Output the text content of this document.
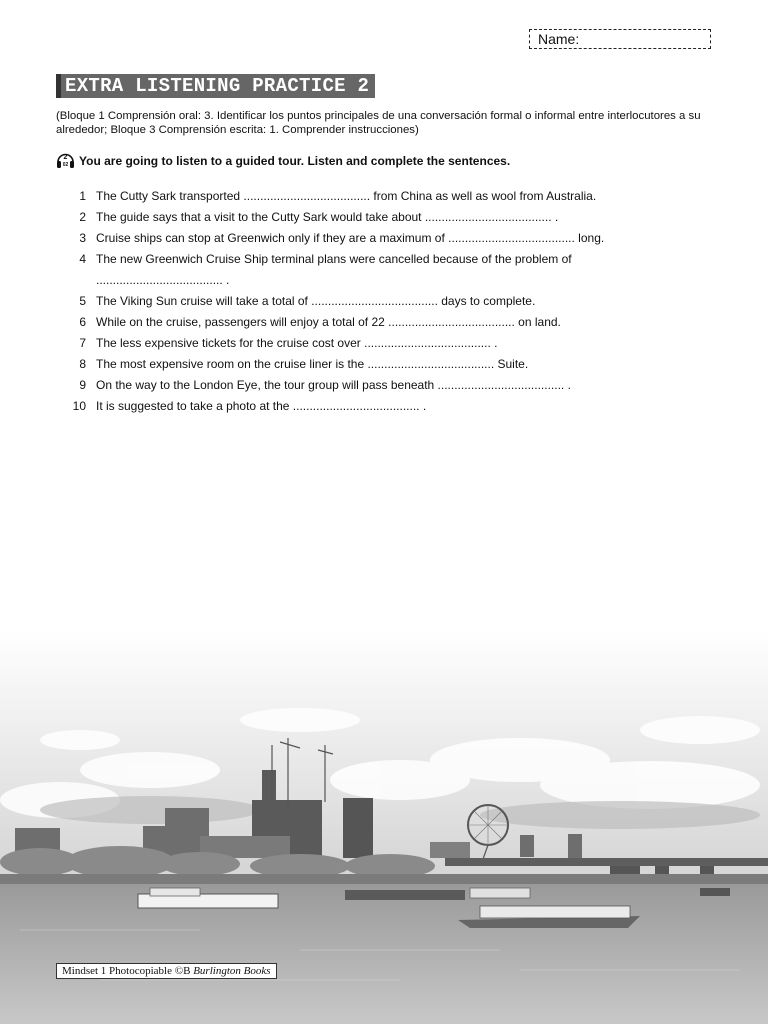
Name:
EXTRA LISTENING PRACTICE 2
(Bloque 1 Comprensión oral: 3. Identificar los puntos principales de una conversación formal o informal entre interlocutores a su alrededor; Bloque 3 Comprensión escrita: 1. Comprender instrucciones)
2
02 You are going to listen to a guided tour. Listen and complete the sentences.
1 The Cutty Sark transported ...................................... from China as well as wool from Australia.
2 The guide says that a visit to the Cutty Sark would take about ...................................... .
3 Cruise ships can stop at Greenwich only if they are a maximum of ...................................... long.
4 The new Greenwich Cruise Ship terminal plans were cancelled because of the problem of
...................................... .
5 The Viking Sun cruise will take a total of ...................................... days to complete.
6 While on the cruise, passengers will enjoy a total of 22 ...................................... on land.
7 The less expensive tickets for the cruise cost over ...................................... .
8 The most expensive room on the cruise liner is the ...................................... Suite.
9 On the way to the London Eye, the tour group will pass beneath ...................................... .
10 It is suggested to take a photo at the ...................................... .
Mindset 1 Photocopiable ©B Burlington Books
